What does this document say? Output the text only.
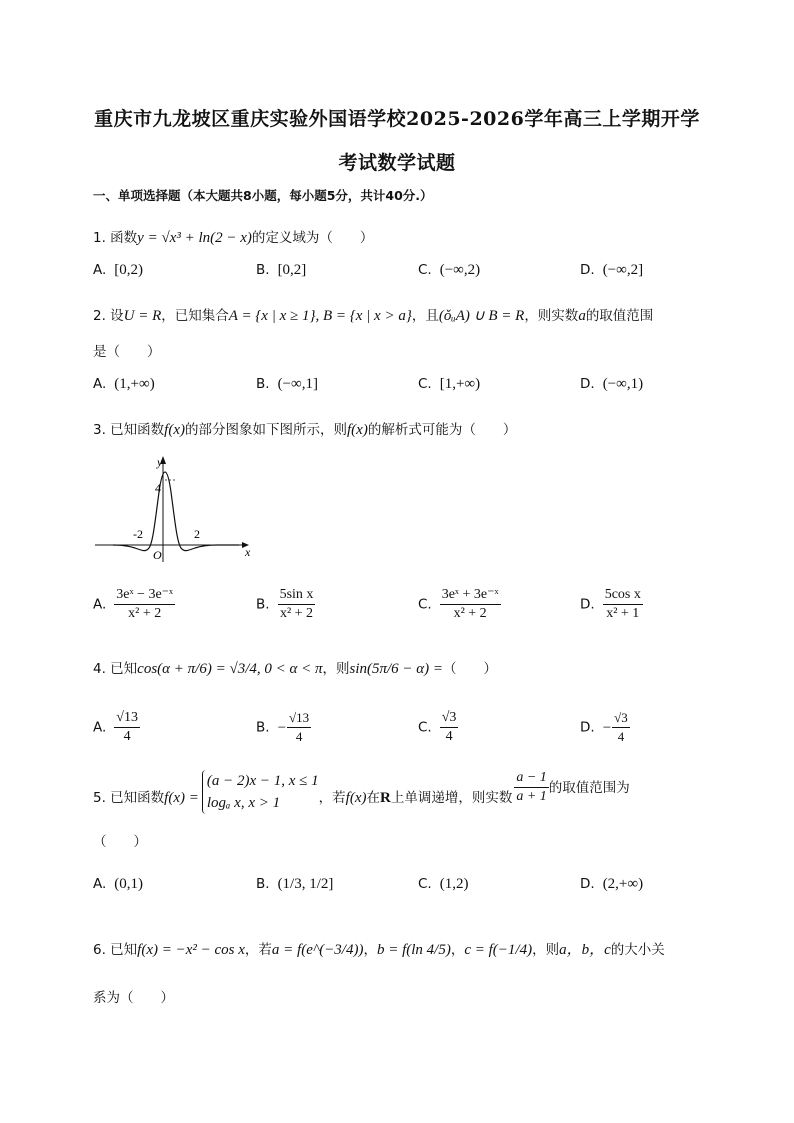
重庆市九龙坡区重庆实验外国语学校2025-2026学年高三上学期开学
考试数学试题
一、单项选择题（本大题共8小题，每小题5分，共计40分.）
1. 函数y = √x³ + ln(2 − x)的定义域为（　　）
A. [0,2)	B. [0,2]	C. (−∞,2)	D. (−∞,2]
2. 设U = R，已知集合A = {x | x ≥ 1}, B = {x | x > a}，且(ǒᵤA) ∪ B = R，则实数a的取值范围
是（　　）
A. (1,+∞)	B. (−∞,1]	C. [1,+∞)	D. (−∞,1)
3. 已知函数f(x)的部分图象如下图所示，则f(x)的解析式可能为（　　）
y
x
O
-2	2
4
A. $\frac{\text{3eˣ − 3e⁻ˣ}}{\text{x² + 2}}$	B. $\frac{\text{5sin x}}{\text{x² + 2}}$	C. $\frac{\text{3eˣ + 3e⁻ˣ}}{\text{x² + 2}}$	D. $\frac{\text{5cos x}}{\text{x² + 1}}$
4. 已知cos(α + π/6) = √3/4, 0 < α < π，则sin(5π/6 − α) =（　　）
A. $\frac{√13}{4}$	B. − $\frac{√13}{4}$	C. $\frac{√3}{4}$	D. − $\frac{√3}{4}$
5. 已知函数f(x) =
(a − 2)x − 1, x ≤ 1
logₐ x, x > 1	，若f(x)在R上单调递增，则实数 $\frac{a - 1}{a + 1}$ 的取值范围为
（　　）
A. (0,1)	B. (1/3, 1/2]	C. (1,2)	D. (2,+∞)
6. 已知f(x) = −x² − cos x，若a = f(e^(−3/4))，b = f(ln 4/5)，c = f(−1/4)，则a，b，c的大小关
系为（　　）
